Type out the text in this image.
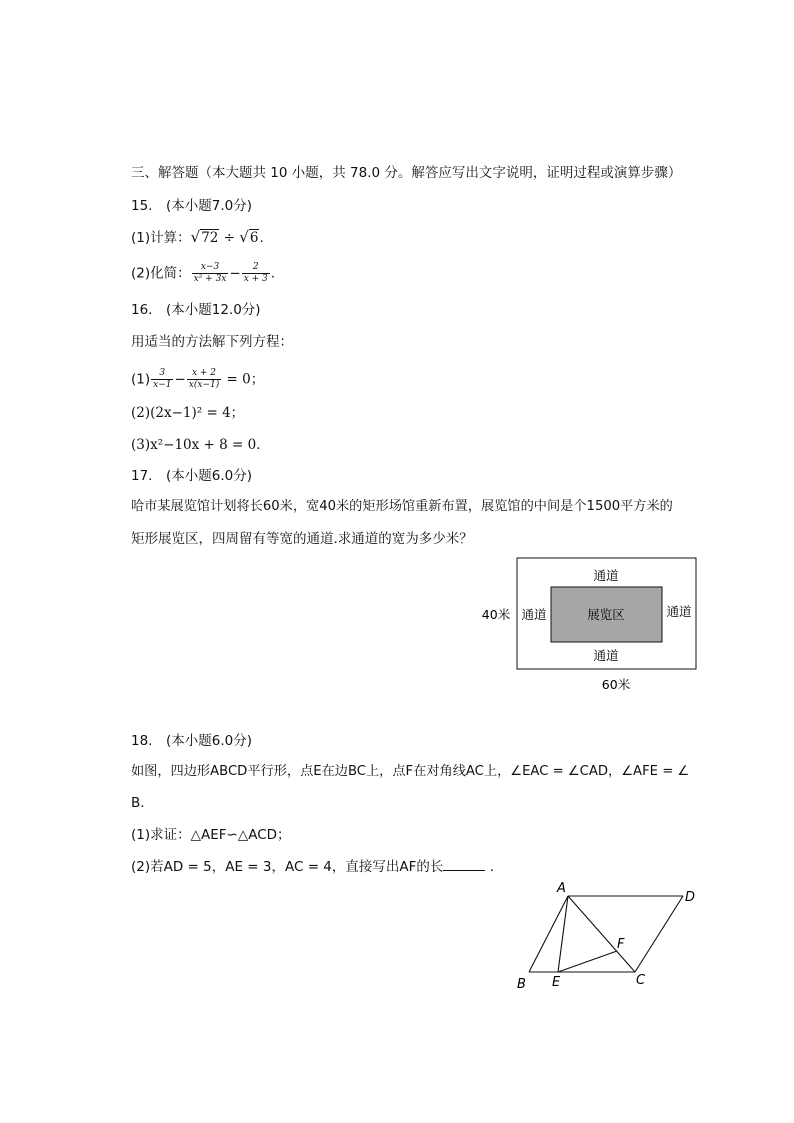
三、解答题（本大题共 10 小题，共 78.0 分。解答应写出文字说明，证明过程或演算步骤）
15.　(本小题7.0分)
(1)计算：√72 ÷ √6.
(2)化简： $\frac{x-3}{\text{x² + 3x}} - \frac{2}{x + 3}$ .
16.　(本小题12.0分)
用适当的方法解下列方程：
$(1) \frac{3}{x-1} - \frac{x + 2}{x(x-1)} = 0$；
(2)(2x−1)² = 4；
(3)x²−10x + 8 = 0．
17.　(本小题6.0分)
哈市某展览馆计划将长60米，宽40米的矩形场馆重新布置，展览馆的中间是个1500平方米的
矩形展览区，四周留有等宽的通道.求通道的宽为多少米？
通道
通道	通道
通道
展览区
40米
60米
18.　(本小题6.0分)
如图，四边形ABCD平行形，点E在边BC上，点F在对角线AC上，∠EAC = ∠CAD，∠AFE = ∠
B．
(1)求证：△AEF∽△ACD；
(2)若AD = 5，AE = 3，AC = 4，直接写出AF的长	．
A
D
F
B E	C
